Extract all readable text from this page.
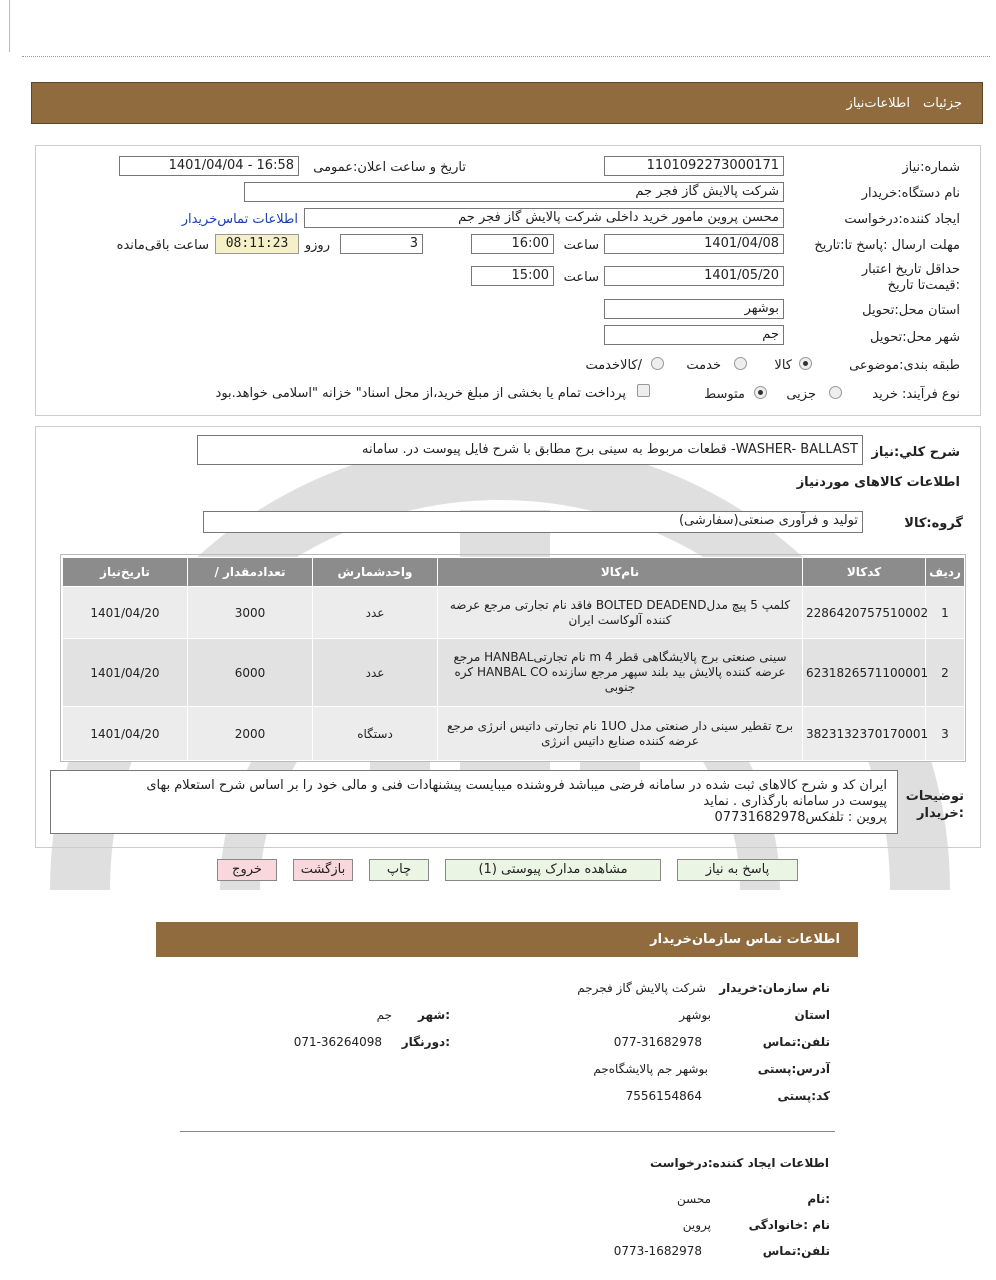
جزئیات
اطلاعات‌نیاز
شماره:نیاز
1101092273000171
تاریخ و ساعت اعلان:عمومی
1401/04/04 - 16:58
نام دستگاه:خریدار
شرکت پالایش گاز فجر جم
ایجاد کننده:درخواست
محسن پروین مامور خرید داخلی شرکت پالایش گاز فجر جم
اطلاعات تماس‌خریدار
مهلت ارسال :پاسخ تا:تاریخ
1401/04/08
ساعت
16:00
3
روزو
08:11:23
ساعت باقی‌مانده
حداقل تاریخ اعتبار :قیمت‌تا تاریخ
1401/05/20
ساعت
15:00
استان محل:تحویل
بوشهر
شهر محل:تحویل
جم
طبقه بندی:موضوعی
کالا
خدمت
/کالاخدمت
نوع فرآیند: خرید
جزیی
متوسط
پرداخت تمام یا بخشی از مبلغ خرید،از محل اسناد" خزانه "اسلامی خواهد.بود
شرح کلي:نياز
WASHER- BALLAST- قطعات مربوط به سینی برج مطابق با شرح فایل پیوست در. سامانه
اطلاعات کالاهای موردنیاز
گروه:کالا
تولید و فرآوری صنعتی(سفارشی)
تاریخ‌نیاز	/ تعدادمقدار	واحدشمارش	نام‌کالا	کدکالا	ردیف
1401/04/20	3000	عدد	کلمپ 5 پیچ مدلBOLTED DEADEND فاقد نام تجارتی مرجع عرضه کننده آلوکاست ایران	2286420757510002	1
1401/04/20	6000	عدد	سینی صنعتی برج پالایشگاهی قطر 4 m نام تجارتیHANBAL مرجع عرضه کننده پالایش بید بلند سپهر مرجع سازنده HANBAL CO کره جنوبی	6231826571100001	2
1401/04/20	2000	دستگاه	برج تقطیر سینی دار صنعتی مدل 1UO نام تجارتی داتیس انرژی مرجع عرضه کننده صنایع داتیس انرژی	3823132370170001	3
توضیحات :خریدار
ایران کد و شرح کالاهای ثبت شده در سامانه فرضی میباشد فروشنده میبایست پیشنهادات فنی و مالی خود را بر اساس شرح استعلام بهای
پیوست در سامانه بارگذاری . نماید
پروین : تلفکس07731682978
پاسخ به نیاز
مشاهده مدارک پیوستی (1)
چاپ
بازگشت
خروج
اطلاعات تماس سازمان‌خریدار
نام سازمان:خریدار
شرکت پالایش گاز فجرجم
استان
بوشهر
:شهر
جم
تلفن:تماس
077-31682978
:دورنگار
071-36264098
آدرس:پستی
بوشهر جم پالایشگاه‌جم
کد:پستی
7556154864
اطلاعات ایجاد کننده:درخواست
:نام
محسن
نام :خانوادگی
پروین
تلفن:تماس
0773-1682978
